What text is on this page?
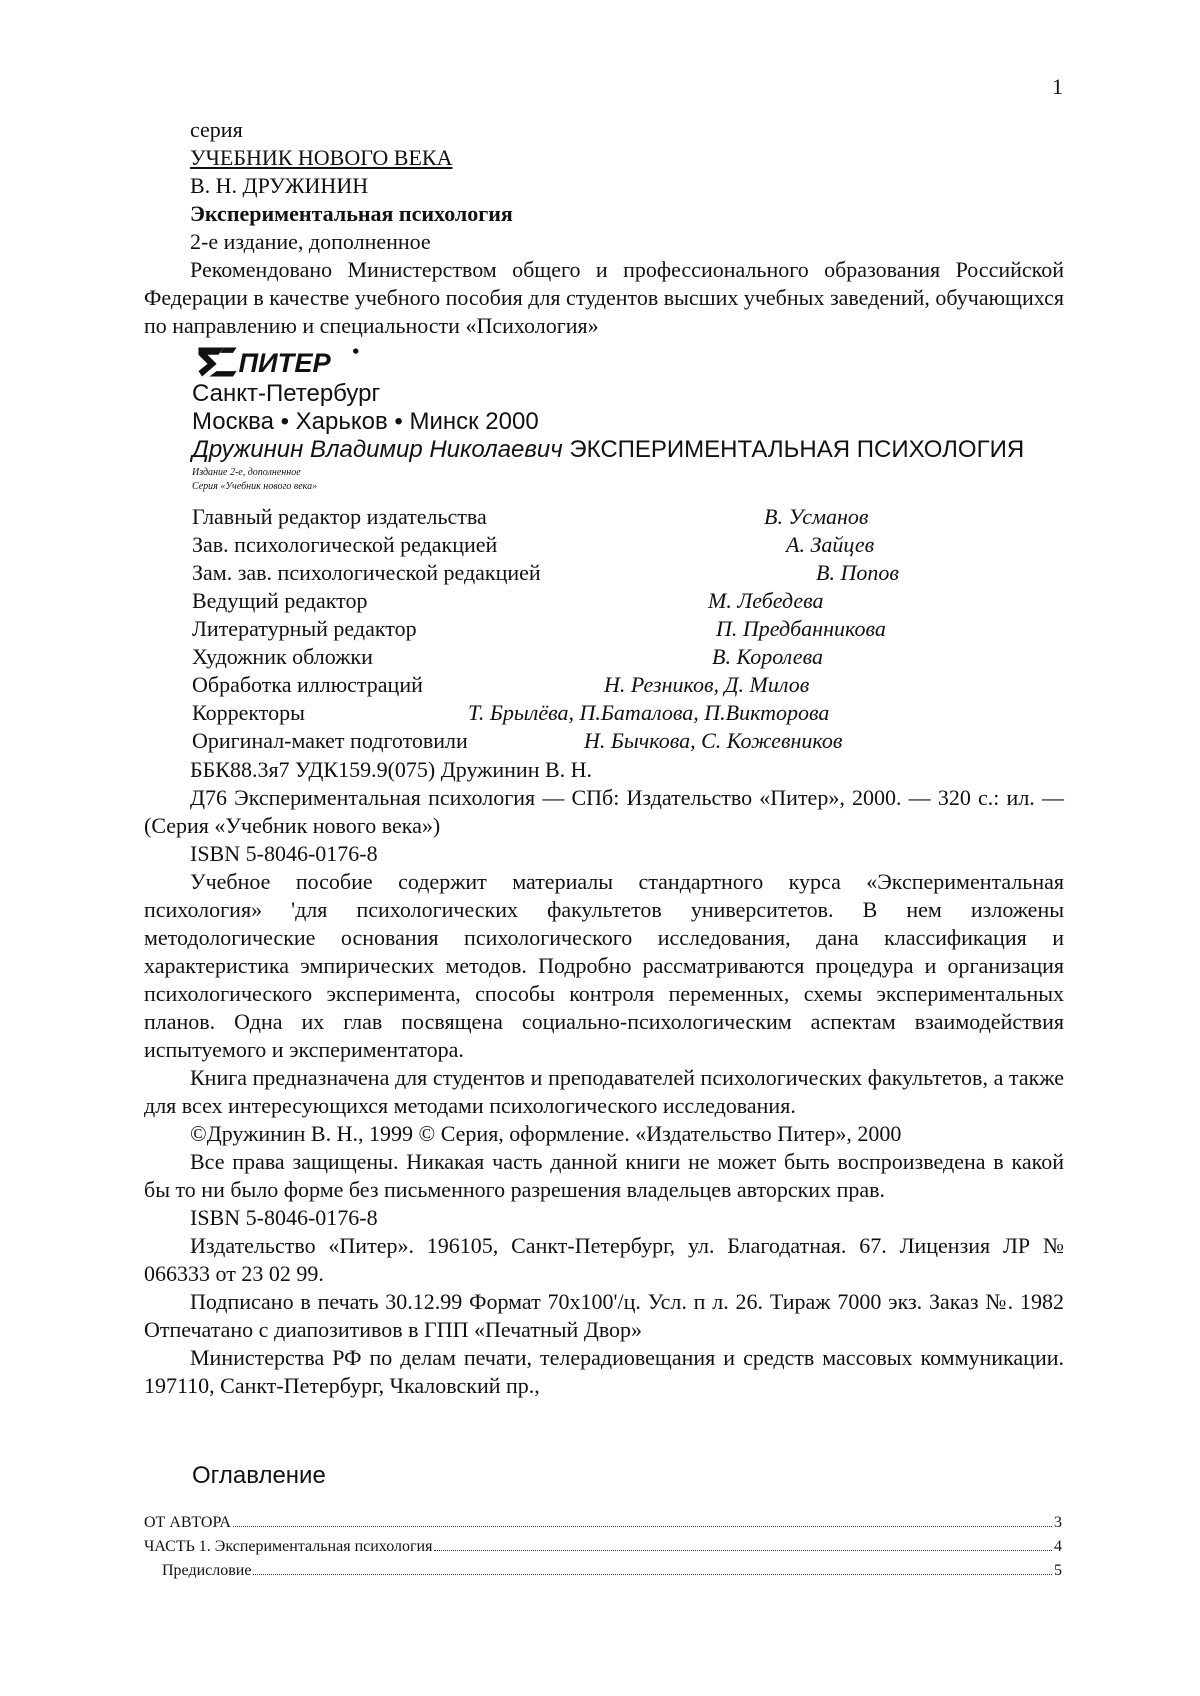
1

серия

УЧЕБНИК НОВОГО ВЕКА

В. Н. ДРУЖИНИН

Экспериментальная психология

2-е издание, дополненное

Рекомендовано Министерством общего и профессионального образования Российской Федерации в качестве учебного пособия для студентов высших учебных заведений, обучающихся по направлению и специальности «Психология»

ПИТЕР
Санкт-Петербург
Москва • Харьков • Минск 2000
Дружинин Владимир Николаевич ЭКСПЕРИМЕНТАЛЬНАЯ ПСИХОЛОГИЯ
Издание 2-е, дополненное
Серия «Учебник нового века»
Главный редактор издательства	В. Усманов
Зав. психологической редакцией	А. Зайцев
Зам. зав. психологической редакцией	В. Попов
Ведущий редактор	М. Лебедева
Литературный редактор	П. Предбанникова
Художник обложки	В. Королева
Обработка иллюстраций	Н. Резников, Д. Милов
Корректоры	Т. Брылёва, П.Баталова, П.Викторова
Оригинал-макет подготовили	Н. Бычкова, С. Кожевников

ББК88.3я7 УДК159.9(075) Дружинин В. Н.

Д76 Экспериментальная психология — СПб: Издательство «Питер», 2000. — 320 с.: ил. — (Серия «Учебник нового века»)

ISBN 5-8046-0176-8

Учебное пособие содержит материалы стандартного курса «Экспериментальная психология» 'для психологических факультетов университетов. В нем изложены методологические основания психологического исследования, дана классификация и характеристика эмпирических методов. Подробно рассматриваются процедура и организация психологического эксперимента, способы контроля переменных, схемы экспериментальных планов. Одна их глав посвящена социально-психологическим аспектам взаимодействия испытуемого и экспериментатора.

Книга предназначена для студентов и преподавателей психологических факультетов, а также для всех интересующихся методами психологического исследования.

©Дружинин В. Н., 1999 © Серия, оформление. «Издательство Питер», 2000

Все права защищены. Никакая часть данной книги не может быть воспроизведена в какой бы то ни было форме без письменного разрешения владельцев авторских прав.

ISBN 5-8046-0176-8

Издательство «Питер». 196105, Санкт-Петербург, ул. Благодатная. 67. Лицензия ЛР № 066333 от 23 02 99.

Подписано в печать 30.12.99 Формат 70x100'/ц. Усл. п л. 26. Тираж 7000 экз. Заказ №. 1982 Отпечатано с диапозитивов в ГПП «Печатный Двор»

Министерства РФ по делам печати, телерадиовещания и средств массовых коммуникации. 197110, Санкт-Петербург, Чкаловский пр.,

Оглавление
ОТ АВТОРА	3
ЧАСТЬ 1. Экспериментальная психология	4
Предисловие	5
